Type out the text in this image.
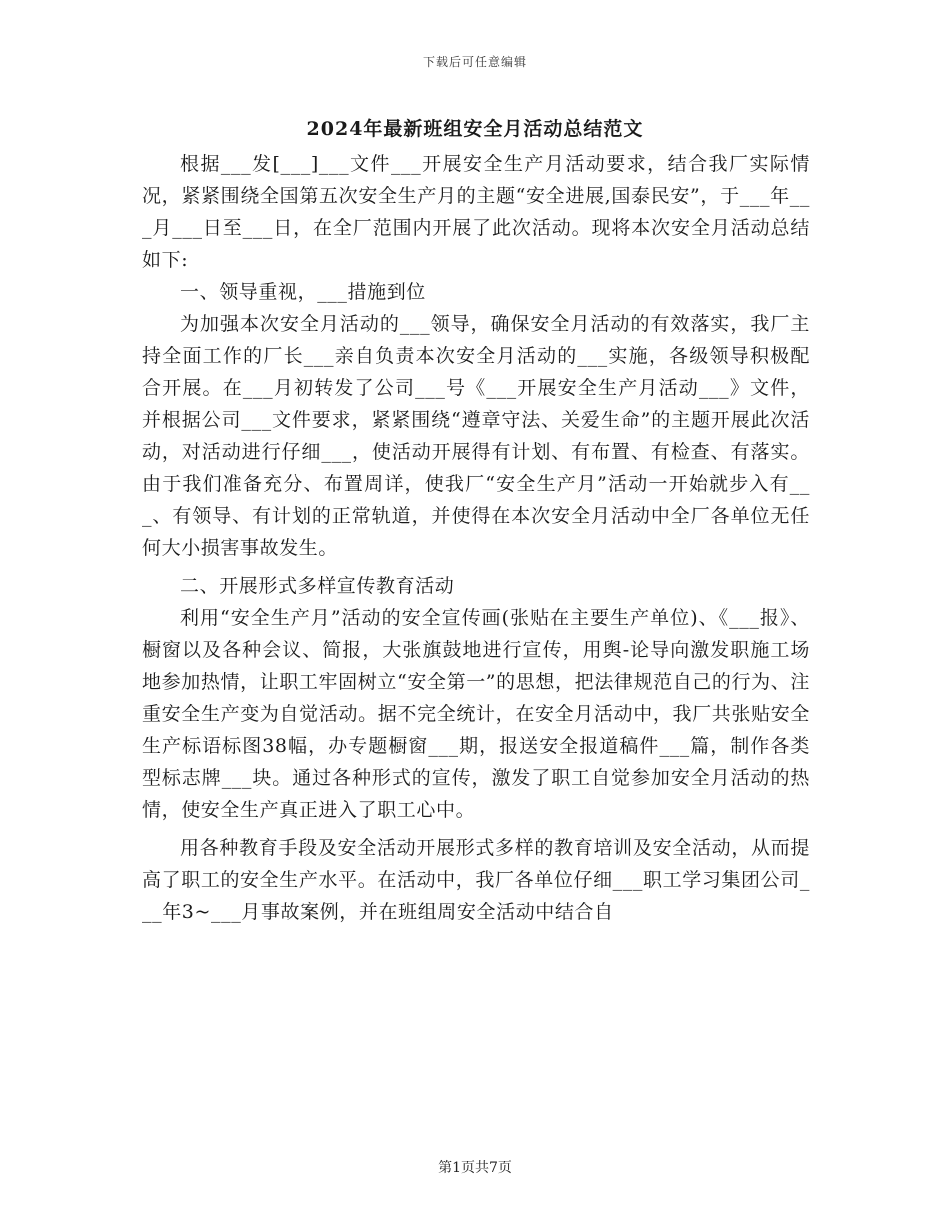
下载后可任意编辑
2024年最新班组安全月活动总结范文

根据___发[___]___文件___开展安全生产月活动要求，结合我厂实际情况，紧紧围绕全国第五次安全生产月的主题“安全进展,国泰民安”，于___年___月___日至___日，在全厂范围内开展了此次活动。现将本次安全月活动总结如下:

一、领导重视，___措施到位

为加强本次安全月活动的___领导，确保安全月活动的有效落实，我厂主持全面工作的厂长___亲自负责本次安全月活动的___实施，各级领导积极配合开展。在___月初转发了公司___号《___开展安全生产月活动___》文件，并根据公司___文件要求，紧紧围绕“遵章守法、关爱生命”的主题开展此次活动，对活动进行仔细___，使活动开展得有计划、有布置、有检查、有落实。由于我们准备充分、布置周详，使我厂“安全生产月”活动一开始就步入有___、有领导、有计划的正常轨道，并使得在本次安全月活动中全厂各单位无任何大小损害事故发生。

二、开展形式多样宣传教育活动

利用“安全生产月”活动的安全宣传画(张贴在主要生产单位)、《___报》、橱窗以及各种会议、简报，大张旗鼓地进行宣传，用舆-论导向激发职施工场地参加热情，让职工牢固树立“安全第一”的思想，把法律规范自己的行为、注重安全生产变为自觉活动。据不完全统计，在安全月活动中，我厂共张贴安全生产标语标图38幅，办专题橱窗___期，报送安全报道稿件___篇，制作各类型标志牌___块。通过各种形式的宣传，激发了职工自觉参加安全月活动的热情，使安全生产真正进入了职工心中。

用各种教育手段及安全活动开展形式多样的教育培训及安全活动，从而提高了职工的安全生产水平。在活动中，我厂各单位仔细___职工学习集团公司___年3~___月事故案例，并在班组周安全活动中结合自

第1页共7页
